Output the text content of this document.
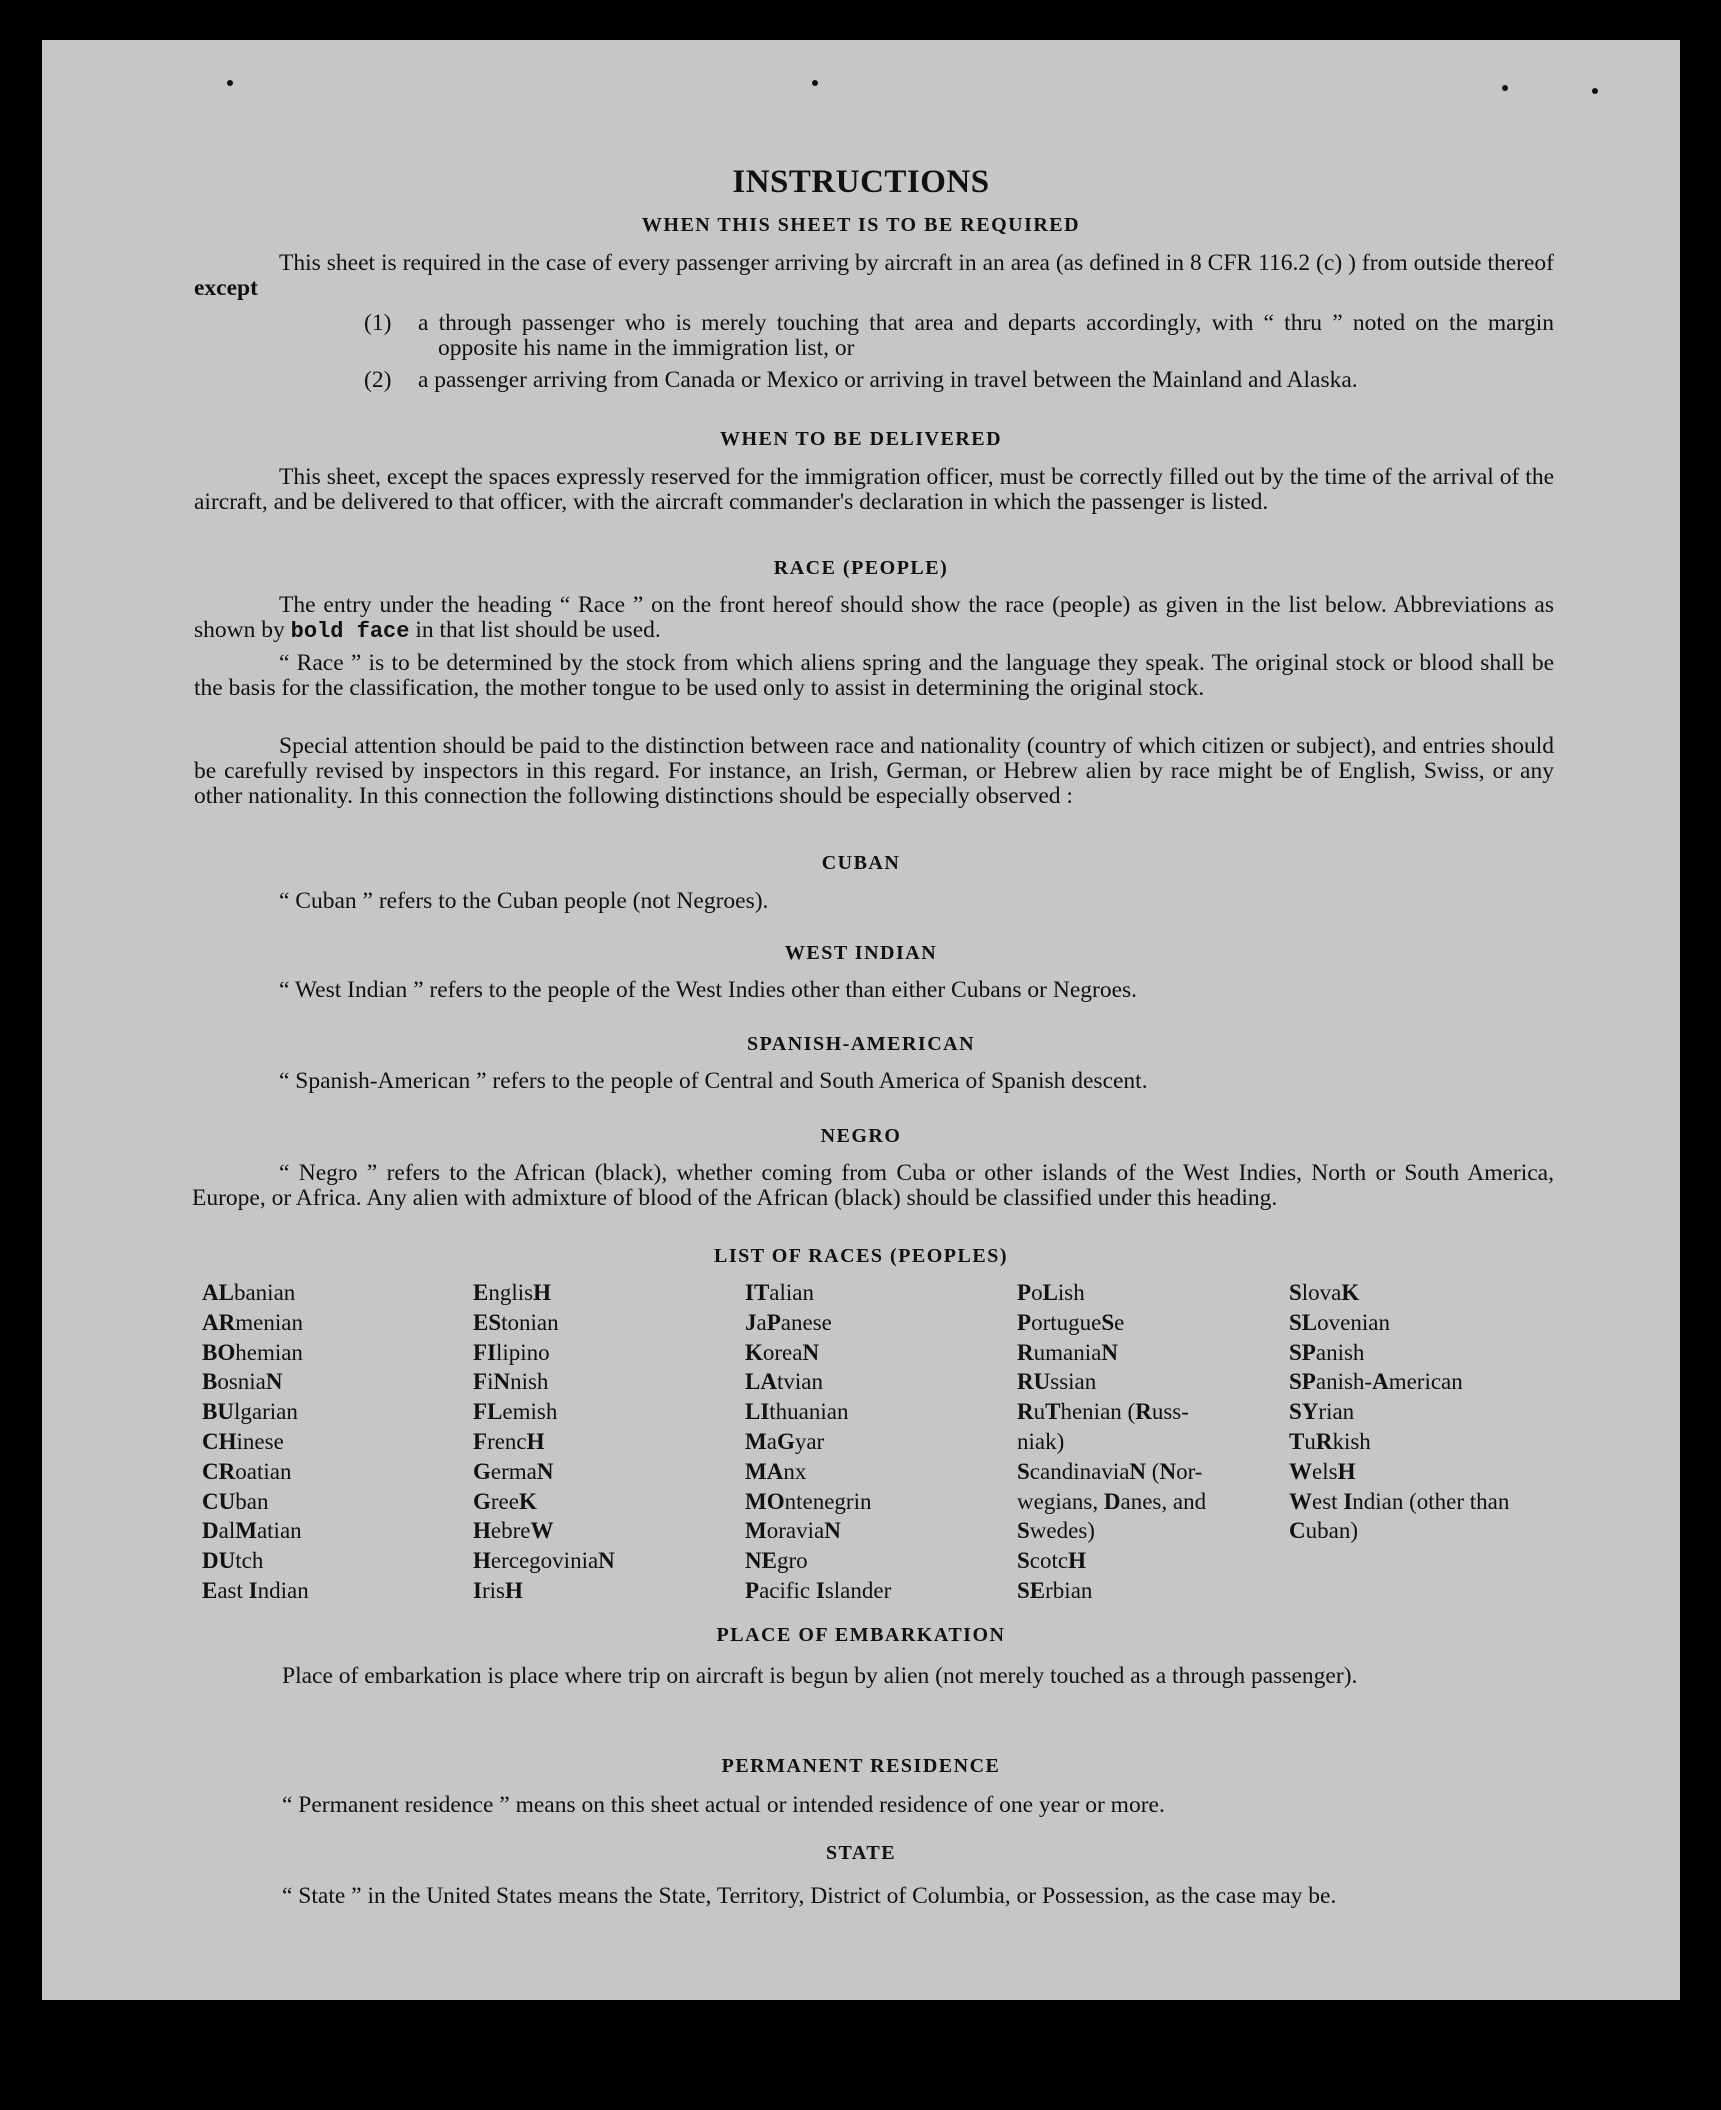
INSTRUCTIONS
WHEN THIS SHEET IS TO BE REQUIRED
This sheet is required in the case of every passenger arriving by aircraft in an area (as defined in 8 CFR 116.2 (c) ) from outside thereof except
(1) a through passenger who is merely touching that area and departs accordingly, with “ thru ” noted on the margin opposite his name in the immigration list, or
(2) a passenger arriving from Canada or Mexico or arriving in travel between the Mainland and Alaska.
WHEN TO BE DELIVERED
This sheet, except the spaces expressly reserved for the immigration officer, must be correctly filled out by the time of the arrival of the aircraft, and be delivered to that officer, with the aircraft commander's declaration in which the passenger is listed.
RACE (PEOPLE)
The entry under the heading “ Race ” on the front hereof should show the race (people) as given in the list below. Abbreviations as shown by bold face in that list should be used.
“ Race ” is to be determined by the stock from which aliens spring and the language they speak. The original stock or blood shall be the basis for the classification, the mother tongue to be used only to assist in determining the original stock.
Special attention should be paid to the distinction between race and nationality (country of which citizen or subject), and entries should be carefully revised by inspectors in this regard. For instance, an Irish, German, or Hebrew alien by race might be of English, Swiss, or any other nationality. In this connection the following distinctions should be especially observed :
CUBAN
“ Cuban ” refers to the Cuban people (not Negroes).
WEST INDIAN
“ West Indian ” refers to the people of the West Indies other than either Cubans or Negroes.
SPANISH-AMERICAN
“ Spanish-American ” refers to the people of Central and South America of Spanish descent.
NEGRO
“ Negro ” refers to the African (black), whether coming from Cuba or other islands of the West Indies, North or South America, Europe, or Africa. Any alien with admixture of blood of the African (black) should be classified under this heading.
LIST OF RACES (PEOPLES)
ALbanian
ARmenian
BOhemian
BosniaN
BUlgarian
CHinese
CRoatian
CUban
DalMatian
DUtch
East Indian
EnglisH
EStonian
FIlipino
FiNnish
FLemish
FrencH
GermaN
GreeK
HebreW
HercegoviniaN
IrisH
ITalian
JaPanese
KoreaN
LAtvian
LIthuanian
MaGyar
MAnx
MOntenegrin
MoraviaN
NEgro
Pacific Islander
PoLish
PortugueSe
RumaniaN
RUssian
RuThenian (Russ-niak)
ScandinaviaN (Nor-wegians, Danes, and Swedes)
ScotcH
SErbian
SlovaK
SLovenian
SPanish
SPanish-American
SYrian
TuRkish
WelsH
West Indian (other than Cuban)
PLACE OF EMBARKATION
Place of embarkation is place where trip on aircraft is begun by alien (not merely touched as a through passenger).
PERMANENT RESIDENCE
“ Permanent residence ” means on this sheet actual or intended residence of one year or more.
STATE
“ State ” in the United States means the State, Territory, District of Columbia, or Possession, as the case may be.
